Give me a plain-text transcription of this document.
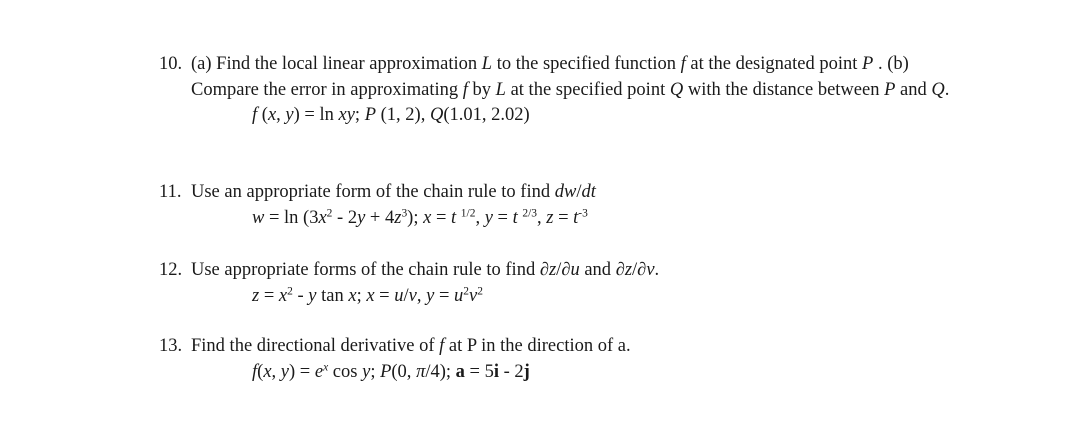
10. (a) Find the local linear approximation L to the specified function f at the designated point P . (b) Compare the error in approximating f by L at the specified point Q with the distance between P and Q.
f (x, y) = ln xy; P (1, 2), Q(1.01, 2.02)
11. Use an appropriate form of the chain rule to find dw/dt
$w = \ln (3x^2 - 2y + 4z^3)$; x = t $^{1/2}$, y = t $^{2/3}$, $z = t^{-3}$
12. Use appropriate forms of the chain rule to find ∂z/∂u and ∂z/∂v.
$z = x^2 - y$ tan x; x = u/v, $y = u^2v^2$
13. Find the directional derivative of f at P in the direction of a.
f(x, $y) = e^x$ cos y; P(0, π/4); a = 5i - 2j
